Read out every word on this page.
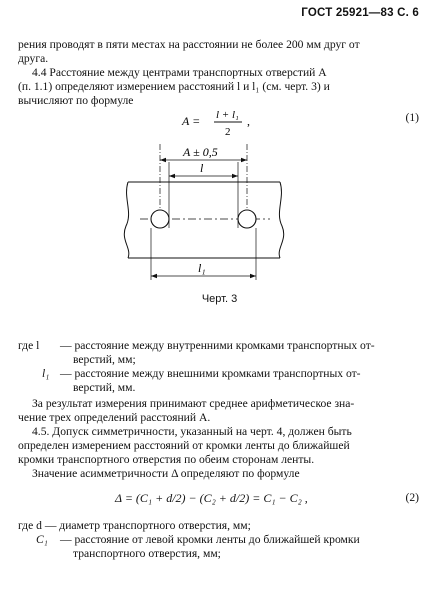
ГОСТ 25921—83 С. 6
рения проводят в пяти местах на расстоянии не более 200 мм друг от
друга.
4.4 Расстояние между центрами транспортных отверстий A
(п. 1.1) определяют измерением расстояний l и l₁ (см. черт. 3) и
вычисляют по формуле
A = l + l₁
2
,	(1)
A ± 0,5
l
l₁
Черт. 3
где l — расстояние между внутренними кромками транспортных от-
верстий, мм;
l₁ — расстояние между внешними кромками транспортных от-
верстий, мм.
За результат измерения принимают среднее арифметическое зна-
чение трех определений расстояний A.
4.5. Допуск симметричности, указанный на черт. 4, должен быть
определен измерением расстояний от кромки ленты до ближайшей
кромки транспортного отверстия по обеим сторонам ленты.
Значение асимметричности Δ определяют по формуле
Δ = (C₁ + d/2) − (C₂ + d/2) = C₁ − C₂ ,	(2)
где d — диаметр транспортного отверстия, мм;
C₁ — расстояние от левой кромки ленты до ближайшей кромки
транспортного отверстия, мм;
